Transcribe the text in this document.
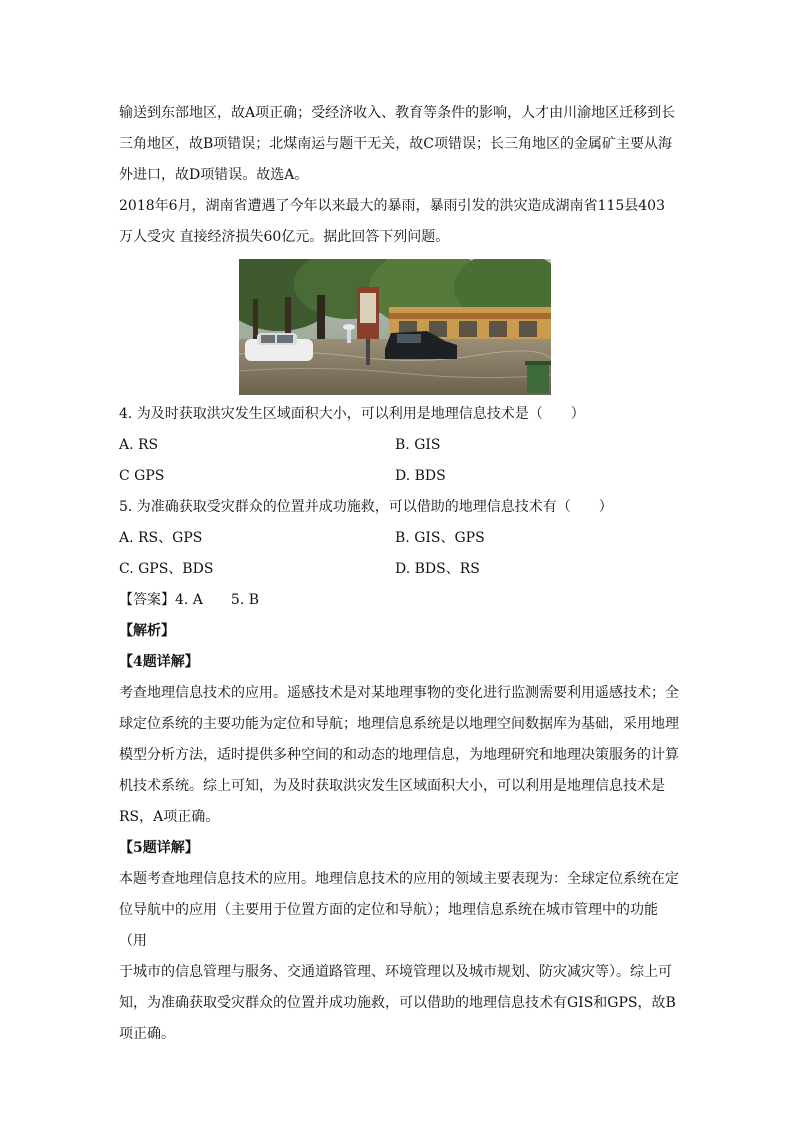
输送到东部地区，故A项正确；受经济收入、教育等条件的影响，人才由川渝地区迁移到长

三角地区，故B项错误；北煤南运与题干无关，故C项错误；长三角地区的金属矿主要从海

外进口，故D项错误。故选A。

2018年6月，湖南省遭遇了今年以来最大的暴雨，暴雨引发的洪灾造成湖南省115县403

万人受灾 直接经济损失60亿元。据此回答下列问题。

4. 为及时获取洪灾发生区域面积大小，可以利用是地理信息技术是（　　）

A. RS	B. GIS
C GPS	D. BDS

5. 为准确获取受灾群众的位置并成功施救，可以借助的地理信息技术有（　　）

A. RS、GPS	B. GIS、GPS
C. GPS、BDS	D. BDS、RS

【答案】4. A　　5. B

【解析】

【4题详解】

考查地理信息技术的应用。遥感技术是对某地理事物的变化进行监测需要利用遥感技术；全

球定位系统的主要功能为定位和导航；地理信息系统是以地理空间数据库为基础，采用地理

模型分析方法，适时提供多种空间的和动态的地理信息，为地理研究和地理决策服务的计算

机技术系统。综上可知，为及时获取洪灾发生区域面积大小，可以利用是地理信息技术是

RS，A项正确。

【5题详解】

本题考查地理信息技术的应用。地理信息技术的应用的领域主要表现为：全球定位系统在定

位导航中的应用（主要用于位置方面的定位和导航）；地理信息系统在城市管理中的功能（用

于城市的信息管理与服务、交通道路管理、环境管理以及城市规划、防灾减灾等）。综上可

知，为准确获取受灾群众的位置并成功施救，可以借助的地理信息技术有GIS和GPS，故B

项正确。
